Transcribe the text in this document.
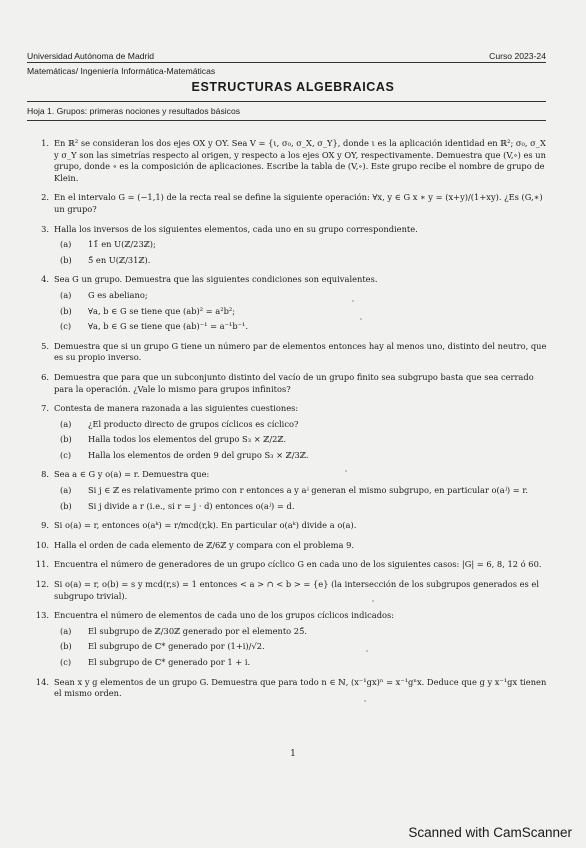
Universidad Autónoma de Madrid	Curso 2023-24
Matemáticas/ Ingeniería Informática-Matemáticas
ESTRUCTURAS ALGEBRAICAS
Hoja 1. Grupos: primeras nociones y resultados básicos
1. En ℝ² se consideran los dos ejes OX y OY. Sea V = {ι, σ₀, σ_X, σ_Y}, donde ι es la aplicación identidad en ℝ²; σ₀, σ_X y σ_Y son las simetrías respecto al origen, y respecto a los ejes OX y OY, respectivamente. Demuestra que (V,∘) es un grupo, donde ∘ es la composición de aplicaciones. Escribe la tabla de (V,∘). Este grupo recibe el nombre de grupo de Klein.
2. En el intervalo G = (−1,1) de la recta real se define la siguiente operación: ∀x, y ∈ G x ∗ y = (x+y)/(1+xy). ¿Es (G,∗) un grupo?
3. Halla los inversos de los siguientes elementos, cada uno en su grupo correspondiente.
(a) 11̄ en U(ℤ/23ℤ);
(b) 5̄ en U(ℤ/31ℤ).
4. Sea G un grupo. Demuestra que las siguientes condiciones son equivalentes.
(a) G es abeliano;
(b) ∀a, b ∈ G se tiene que (ab)² = a²b²;
(c) ∀a, b ∈ G se tiene que (ab)⁻¹ = a⁻¹b⁻¹.
5. Demuestra que si un grupo G tiene un número par de elementos entonces hay al menos uno, distinto del neutro, que es su propio inverso.
6. Demuestra que para que un subconjunto distinto del vacío de un grupo finito sea subgrupo basta que sea cerrado para la operación. ¿Vale lo mismo para grupos infinitos?
7. Contesta de manera razonada a las siguientes cuestiones:
(a) ¿El producto directo de grupos cíclicos es cíclico?
(b) Halla todos los elementos del grupo S₃ × ℤ/2ℤ.
(c) Halla los elementos de orden 9 del grupo S₃ × ℤ/3ℤ.
8. Sea a ∈ G y o(a) = r. Demuestra que:
(a) Si j ∈ ℤ es relativamente primo con r entonces a y aʲ generan el mismo subgrupo, en particular o(aʲ) = r.
(b) Si j divide a r (i.e., si r = j · d) entonces o(aʲ) = d.
9. Si o(a) = r, entonces o(aᵏ) = r/mcd(r,k). En particular o(aᵏ) divide a o(a).
10. Halla el orden de cada elemento de ℤ/6ℤ y compara con el problema 9.
11. Encuentra el número de generadores de un grupo cíclico G en cada uno de los siguientes casos: |G| = 6, 8, 12 ó 60.
12. Si o(a) = r, o(b) = s y mcd(r,s) = 1 entonces < a > ∩ < b > = {e} (la intersección de los subgrupos generados es el subgrupo trivial).
13. Encuentra el número de elementos de cada uno de los grupos cíclicos indicados:
(a) El subgrupo de ℤ/30ℤ generado por el elemento 25̄.
(b) El subgrupo de ℂ* generado por (1+i)/√2.
(c) El subgrupo de ℂ* generado por 1 + i.
14. Sean x y g elementos de un grupo G. Demuestra que para todo n ∈ ℕ, (x⁻¹gx)ⁿ = x⁻¹gⁿx. Deduce que g y x⁻¹gx tienen el mismo orden.
1
Scanned with CamScanner
